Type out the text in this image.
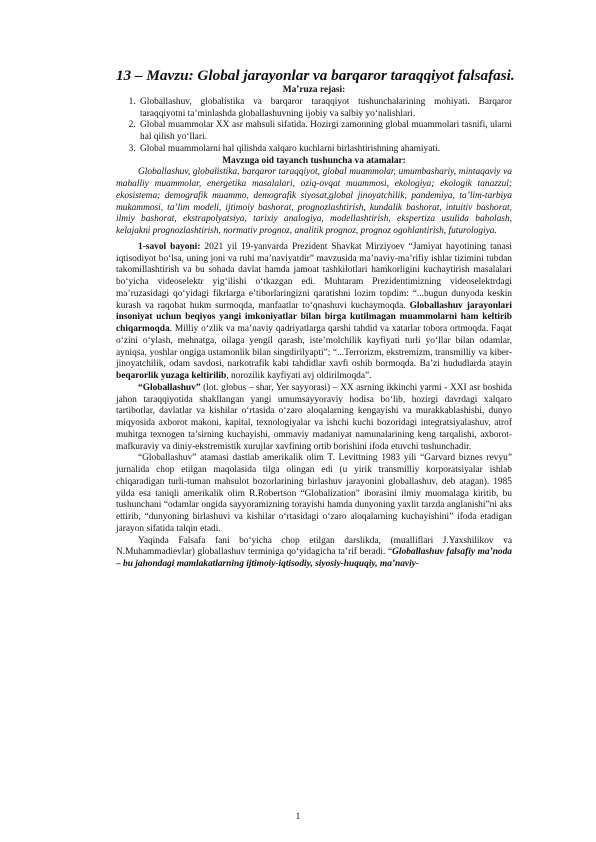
13 – Mavzu: Global jarayonlar va barqaror taraqqiyot falsafasi.
Ma’ruza rejasi:
1. Globallashuv, globalistika va barqaror taraqqiyot tushunchalarining mohiyati. Barqaror taraqqiyotni ta’minlashda globallashuvning ijobiy va salbiy yo‘nalishlari.
2. Global muammolar XX asr mahsuli sifatida. Hozirgi zamonning global muammolari tasnifi, ularni hal qilish yo‘llari.
3. Global muammolarni hal qilishda xalqaro kuchlarni birlashtirishning ahamiyati.
Mavzuga oid tayanch tushuncha va atamalar:

Globallashuv, globalistika, barqaror taraqqiyot, global muammolar, umumbashariy, mintaqaviy va mahalliy muammolar, energetika masalalari, oziq-ovqat muammosi, ekologiya; ekologik tanazzul; ekosistema; demografik muammo, demografik siyosat,global jinoyatchilik, pandemiya, ta’lim-tarbiya mukammosi, ta’lim modeli, ijtimoiy bashorat, prognozlashtirish, kundalik bashorat, intuitiv bashorat, ilmiy bashorat, ekstrapolyatsiya, tarixiy analogiya, modellashtirish, ekspertiza usulida baholash, kelajakni prognozlashtirish, normativ prognoz, analitik prognoz, prognoz ogohlantirish, futurologiya.

1-savol bayoni: 2021 yil 19-yanvarda Prezident Shavkat Mirziyoev “Jamiyat hayotining tanasi iqtisodiyot bo‘lsa, uning joni va ruhi ma’naviyatdir” mavzusida ma’naviy-ma’rifiy ishlar tizimini tubdan takomillashtirish va bu sohada davlat hamda jamoat tashkilotlari hamkorligini kuchaytirish masalalari bo‘yicha videoselektr yig‘ilishi o‘tkazgan edi. Muhtaram Prezidentimizning videoselektrdagi ma’ruzasidagi qo‘yidagi fikrlarga e’tiborlaringizni qaratishni lozim topdim: “...bugun dunyoda keskin kurash va raqobat hukm surmoqda, manfaatlar to‘qnashuvi kuchaymoqda. Globallashuv jarayonlari insoniyat uchun beqiyos yangi imkoniyatlar bilan birga kutilmagan muammolarni ham keltirib chiqarmoqda. Milliy o‘zlik va ma’naviy qadriyatlarga qarshi tahdid va xatarlar tobora ortmoqda. Faqat o‘zini o‘ylash, mehnatga, oilaga yengil qarash, iste’molchilik kayfiyati turli yo‘llar bilan odamlar, ayniqsa, yoshlar ongiga ustamonlik bilan singdirilyapti”; “...Terrorizm, ekstremizm, transmilliy va kiber-jinoyatchilik, odam savdosi, narkotrafik kabi tahdidlar xavfi oshib bormoqda. Ba’zi hududlarda atayin beqarorlik yuzaga keltirilib, norozilik kayfiyati avj oldirilmoqda”.

“Globallashuv” (lot. globus – shar, Yer sayyorasi) – XX asrning ikkinchi yarmi - XXI asr boshida jahon taraqqiyotida shakllangan yangi umumsayyoraviy hodisa bo‘lib, hozirgi davrdagi xalqaro tartibotlar, davlatlar va kishilar o‘rtasida o‘zaro aloqalarning kengayishi va murakkablashishi, dunyo miqyosida axborot makoni, kapital, texnologiyalar va ishchi kuchi bozoridagi integratsiyalashuv, atrof muhitga texnogen ta’sirning kuchayishi, ommaviy madaniyat namunalarining keng tarqalishi, axborot-mafkuraviy va diniy-ekstremistik xurujlar xavfining ortib borishini ifoda etuvchi tushunchadir.

“Globallashuv” atamasi dastlab amerikalik olim T. Levittning 1983 yili “Garvard biznes revyu” jurnalida chop etilgan maqolasida tilga olingan edi (u yirik transmilliy korporatsiyalar ishlab chiqaradigan turli-tuman mahsulot bozorlarining birlashuv jarayonini globallashuv, deb atagan). 1985 yilda esa taniqli amerikalik olim R.Robertson “Globalization” iborasini ilmiy muomalaga kiritib, bu tushunchani “odamlar ongida sayyoramizning torayishi hamda dunyoning yaxlit tarzda anglanishi”ni aks ettirib, “dunyoning birlashuvi va kishilar o‘rtasidagi o‘zaro aloqalarning kuchayishini” ifoda etadigan jarayon sifatida talqin etadi.

Yaqinda Falsafa fani bo‘yicha chop etilgan darslikda, (mualliflari J.Yaxshilikov va N.Muhammadievlar) globallashuv terminiga qo‘yidagicha ta’rif beradi. “Globallashuv falsafiy ma’noda – bu jahondagi mamlakatlarning ijtimoiy-iqtisodiy, siyosiy-huquqiy, ma’naviy-

1
